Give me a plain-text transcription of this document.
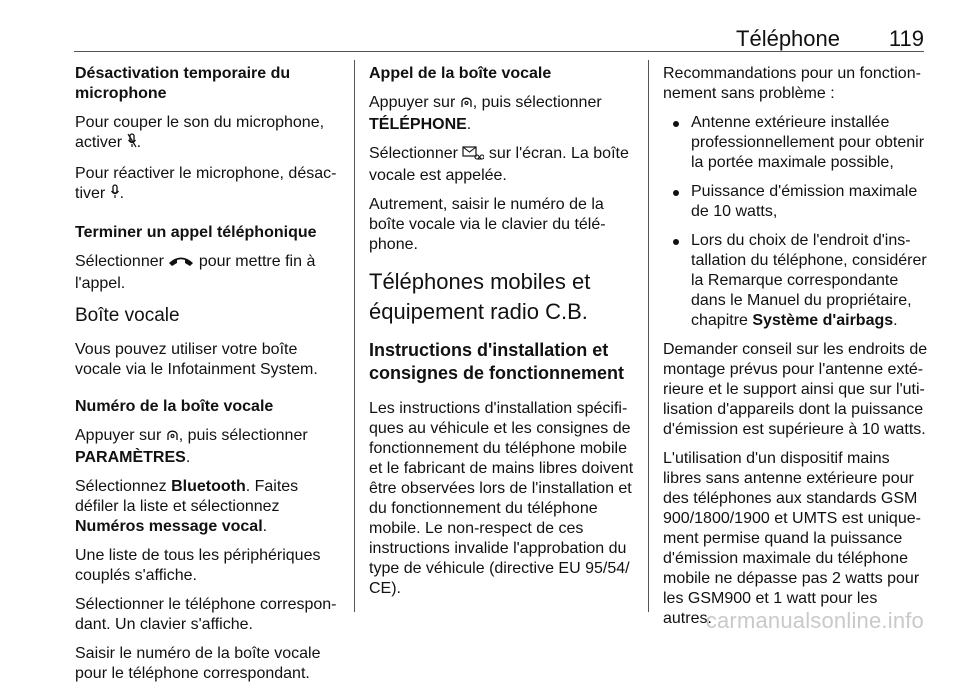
Téléphone 119

Désactivation temporaire du microphone

Pour couper le son du microphone, activer .

Pour réactiver le microphone, désac-tiver .

Terminer un appel téléphonique

Sélectionner  pour mettre fin à l'appel.

Boîte vocale

Vous pouvez utiliser votre boîte vocale via le Infotainment System.

Numéro de la boîte vocale

Appuyer sur , puis sélectionner PARAMÈTRES.

Sélectionnez Bluetooth. Faites défiler la liste et sélectionnez Numéros message vocal.

Une liste de tous les périphériques couplés s'affiche.

Sélectionner le téléphone correspon-dant. Un clavier s'affiche.

Saisir le numéro de la boîte vocale pour le téléphone correspondant.

Appel de la boîte vocale

Appuyer sur , puis sélectionner TÉLÉPHONE.

Sélectionner  sur l'écran. La boîte vocale est appelée.

Autrement, saisir le numéro de la boîte vocale via le clavier du télé-phone.

Téléphones mobiles et équipement radio C.B.
Instructions d'installation et consignes de fonctionnement

Les instructions d'installation spécifi-ques au véhicule et les consignes de fonctionnement du téléphone mobile et le fabricant de mains libres doivent être observées lors de l'installation et du fonctionnement du téléphone mobile. Le non-respect de ces instructions invalide l'approbation du type de véhicule (directive EU 95/54/ CE).

Recommandations pour un fonction-nement sans problème :

Antenne extérieure installée professionnellement pour obtenir la portée maximale possible,
Puissance d'émission maximale de 10 watts,
Lors du choix de l'endroit d'ins-tallation du téléphone, considérer la Remarque correspondante dans le Manuel du propriétaire, chapitre Système d'airbags.

Demander conseil sur les endroits de montage prévus pour l'antenne exté-rieure et le support ainsi que sur l'uti-lisation d'appareils dont la puissance d'émission est supérieure à 10 watts.

L'utilisation d'un dispositif mains libres sans antenne extérieure pour des téléphones aux standards GSM 900/1800/1900 et UMTS est unique-ment permise quand la puissance d'émission maximale du téléphone mobile ne dépasse pas 2 watts pour les GSM900 et 1 watt pour les autres.

carmanualsonline.info
